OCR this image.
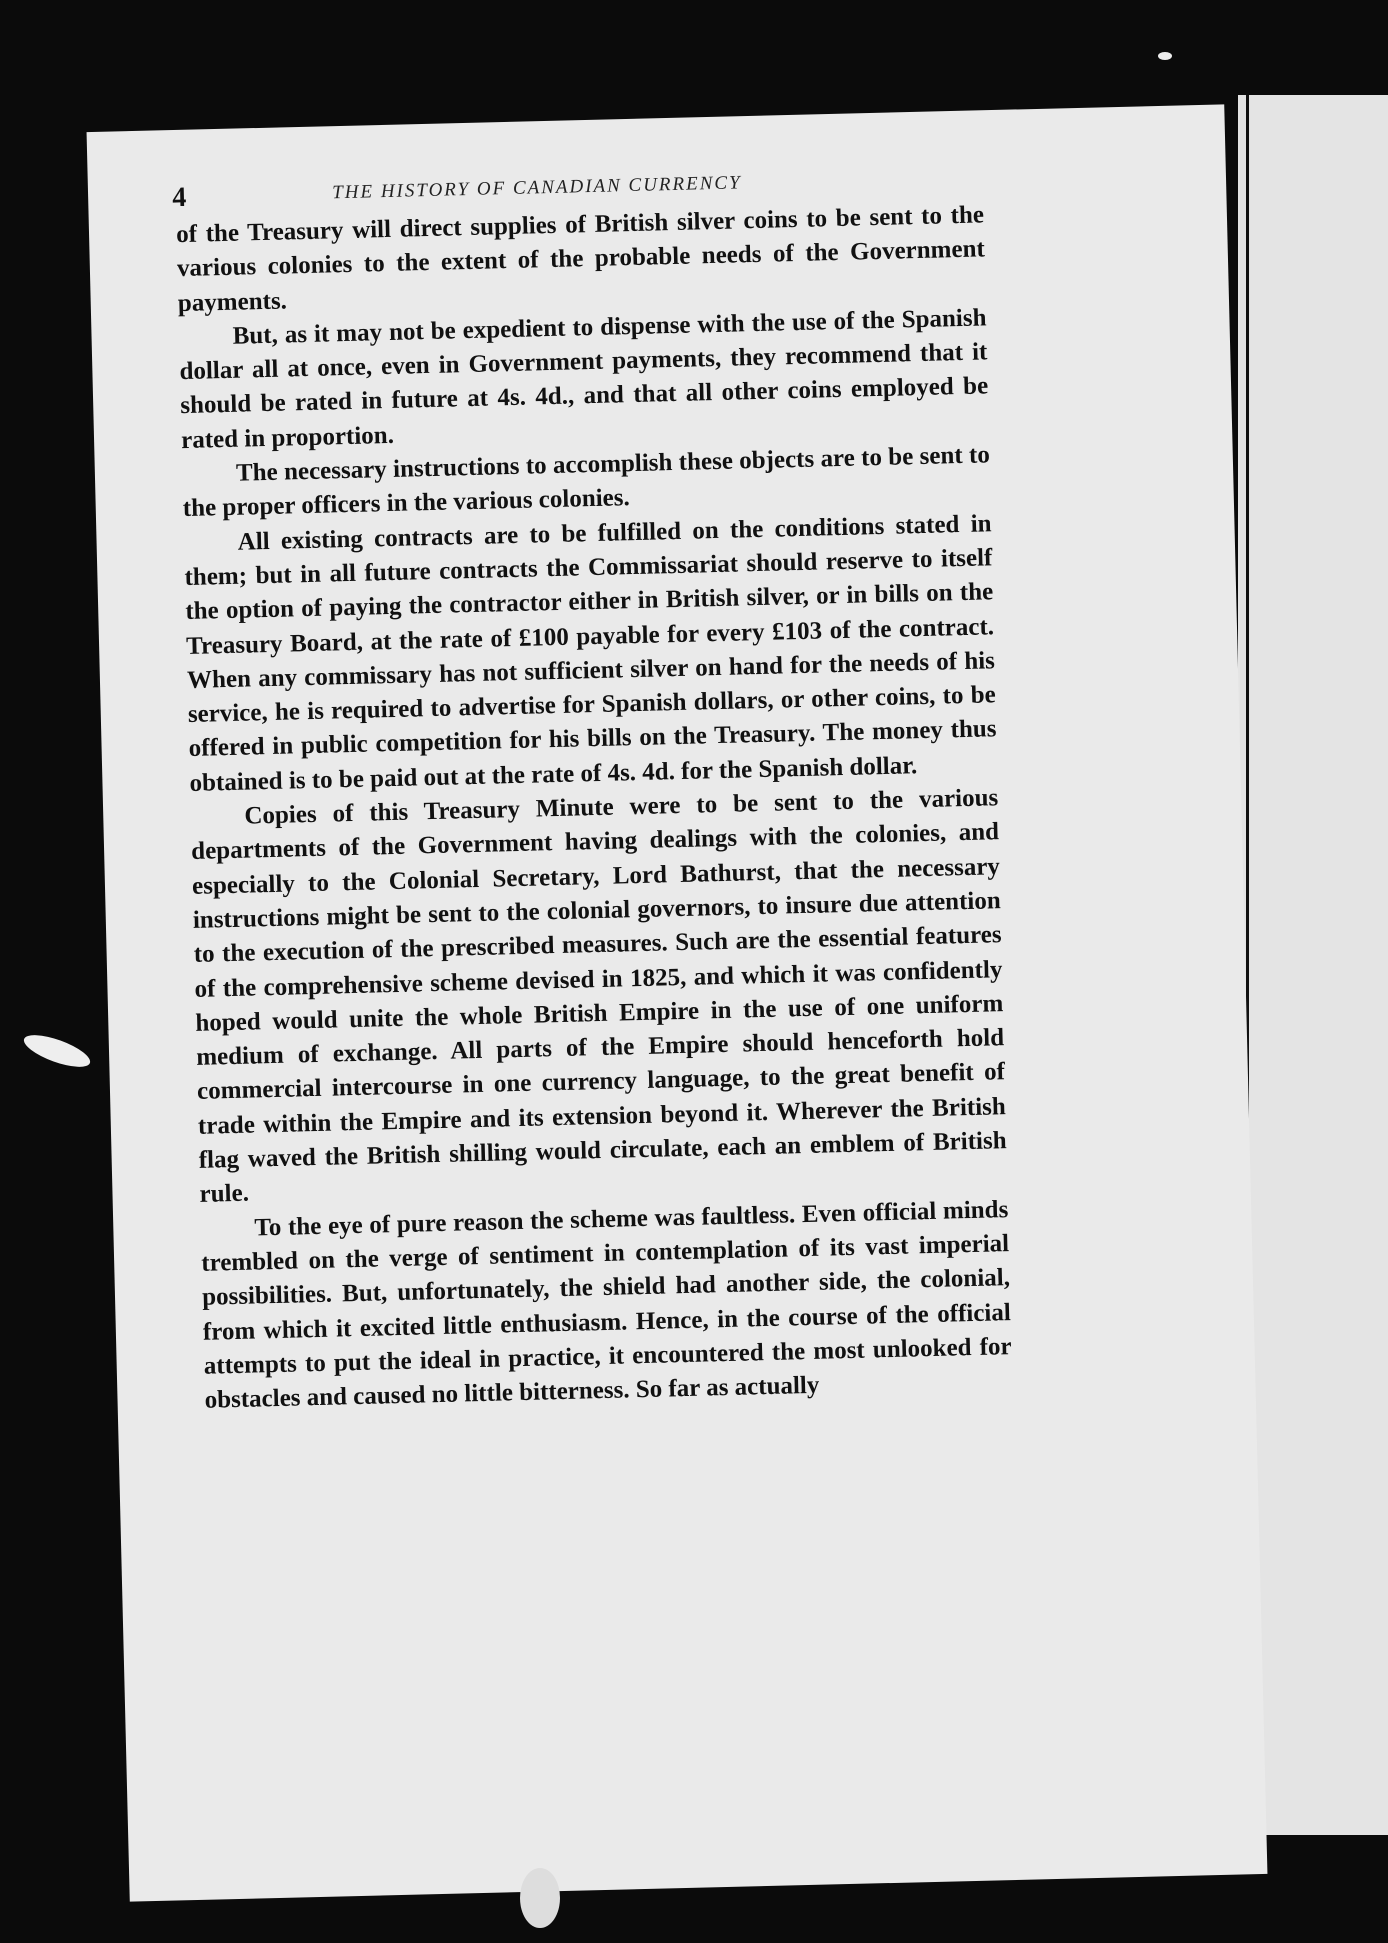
4	THE HISTORY OF CANADIAN CURRENCY

of the Treasury will direct supplies of British silver coins to be sent to the various colonies to the extent of the probable needs of the Government payments.

But, as it may not be expedient to dispense with the use of the Spanish dollar all at once, even in Government payments, they recommend that it should be rated in future at 4s. 4d., and that all other coins employed be rated in proportion.

The necessary instructions to accomplish these objects are to be sent to the proper officers in the various colonies.

All existing contracts are to be fulfilled on the conditions stated in them; but in all future contracts the Commissariat should reserve to itself the option of paying the contractor either in British silver, or in bills on the Treasury Board, at the rate of £100 payable for every £103 of the contract. When any commissary has not sufficient silver on hand for the needs of his service, he is required to advertise for Spanish dollars, or other coins, to be offered in public competition for his bills on the Treasury. The money thus obtained is to be paid out at the rate of 4s. 4d. for the Spanish dollar.

Copies of this Treasury Minute were to be sent to the various departments of the Government having dealings with the colonies, and especially to the Colonial Secretary, Lord Bathurst, that the necessary instructions might be sent to the colonial governors, to insure due attention to the execution of the prescribed measures. Such are the essential features of the comprehensive scheme devised in 1825, and which it was confidently hoped would unite the whole British Empire in the use of one uniform medium of exchange. All parts of the Empire should henceforth hold commercial intercourse in one currency language, to the great benefit of trade within the Empire and its extension beyond it. Wherever the British flag waved the British shilling would circulate, each an emblem of British rule.

To the eye of pure reason the scheme was faultless. Even official minds trembled on the verge of sentiment in contemplation of its vast imperial possibilities. But, unfortunately, the shield had another side, the colonial, from which it excited little enthusiasm. Hence, in the course of the official attempts to put the ideal in practice, it encountered the most unlooked for obstacles and caused no little bitterness. So far as actually
